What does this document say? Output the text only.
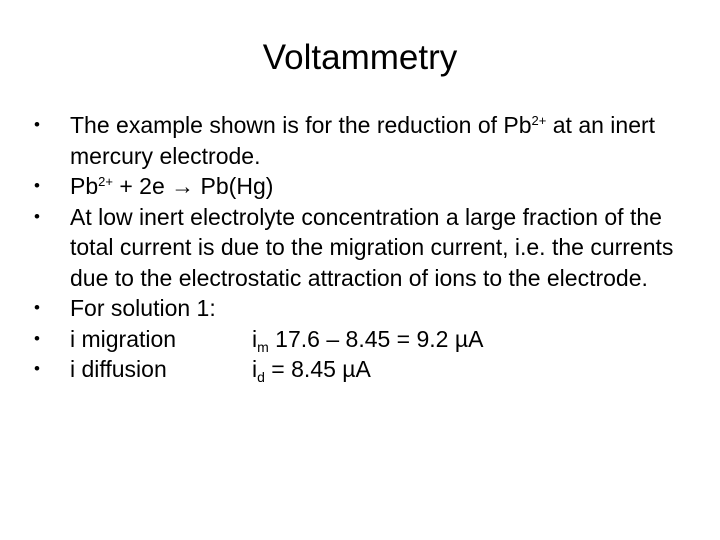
Voltammetry
•	The example shown is for the reduction of $Pb^{2+}$ at an inert mercury electrode.
•	$Pb^{2+} + 2e \to Pb(Hg)$
•	At low inert electrolyte concentration a large fraction of the total current is due to the migration current, i.e. the currents due to the electrostatic attraction of ions to the electrode.
•	For solution 1:
•	i migration	$i_m$ 17.6 – 8.45 = 9.2 µA
•	i diffusion	$i_d = 8.45$ µA
